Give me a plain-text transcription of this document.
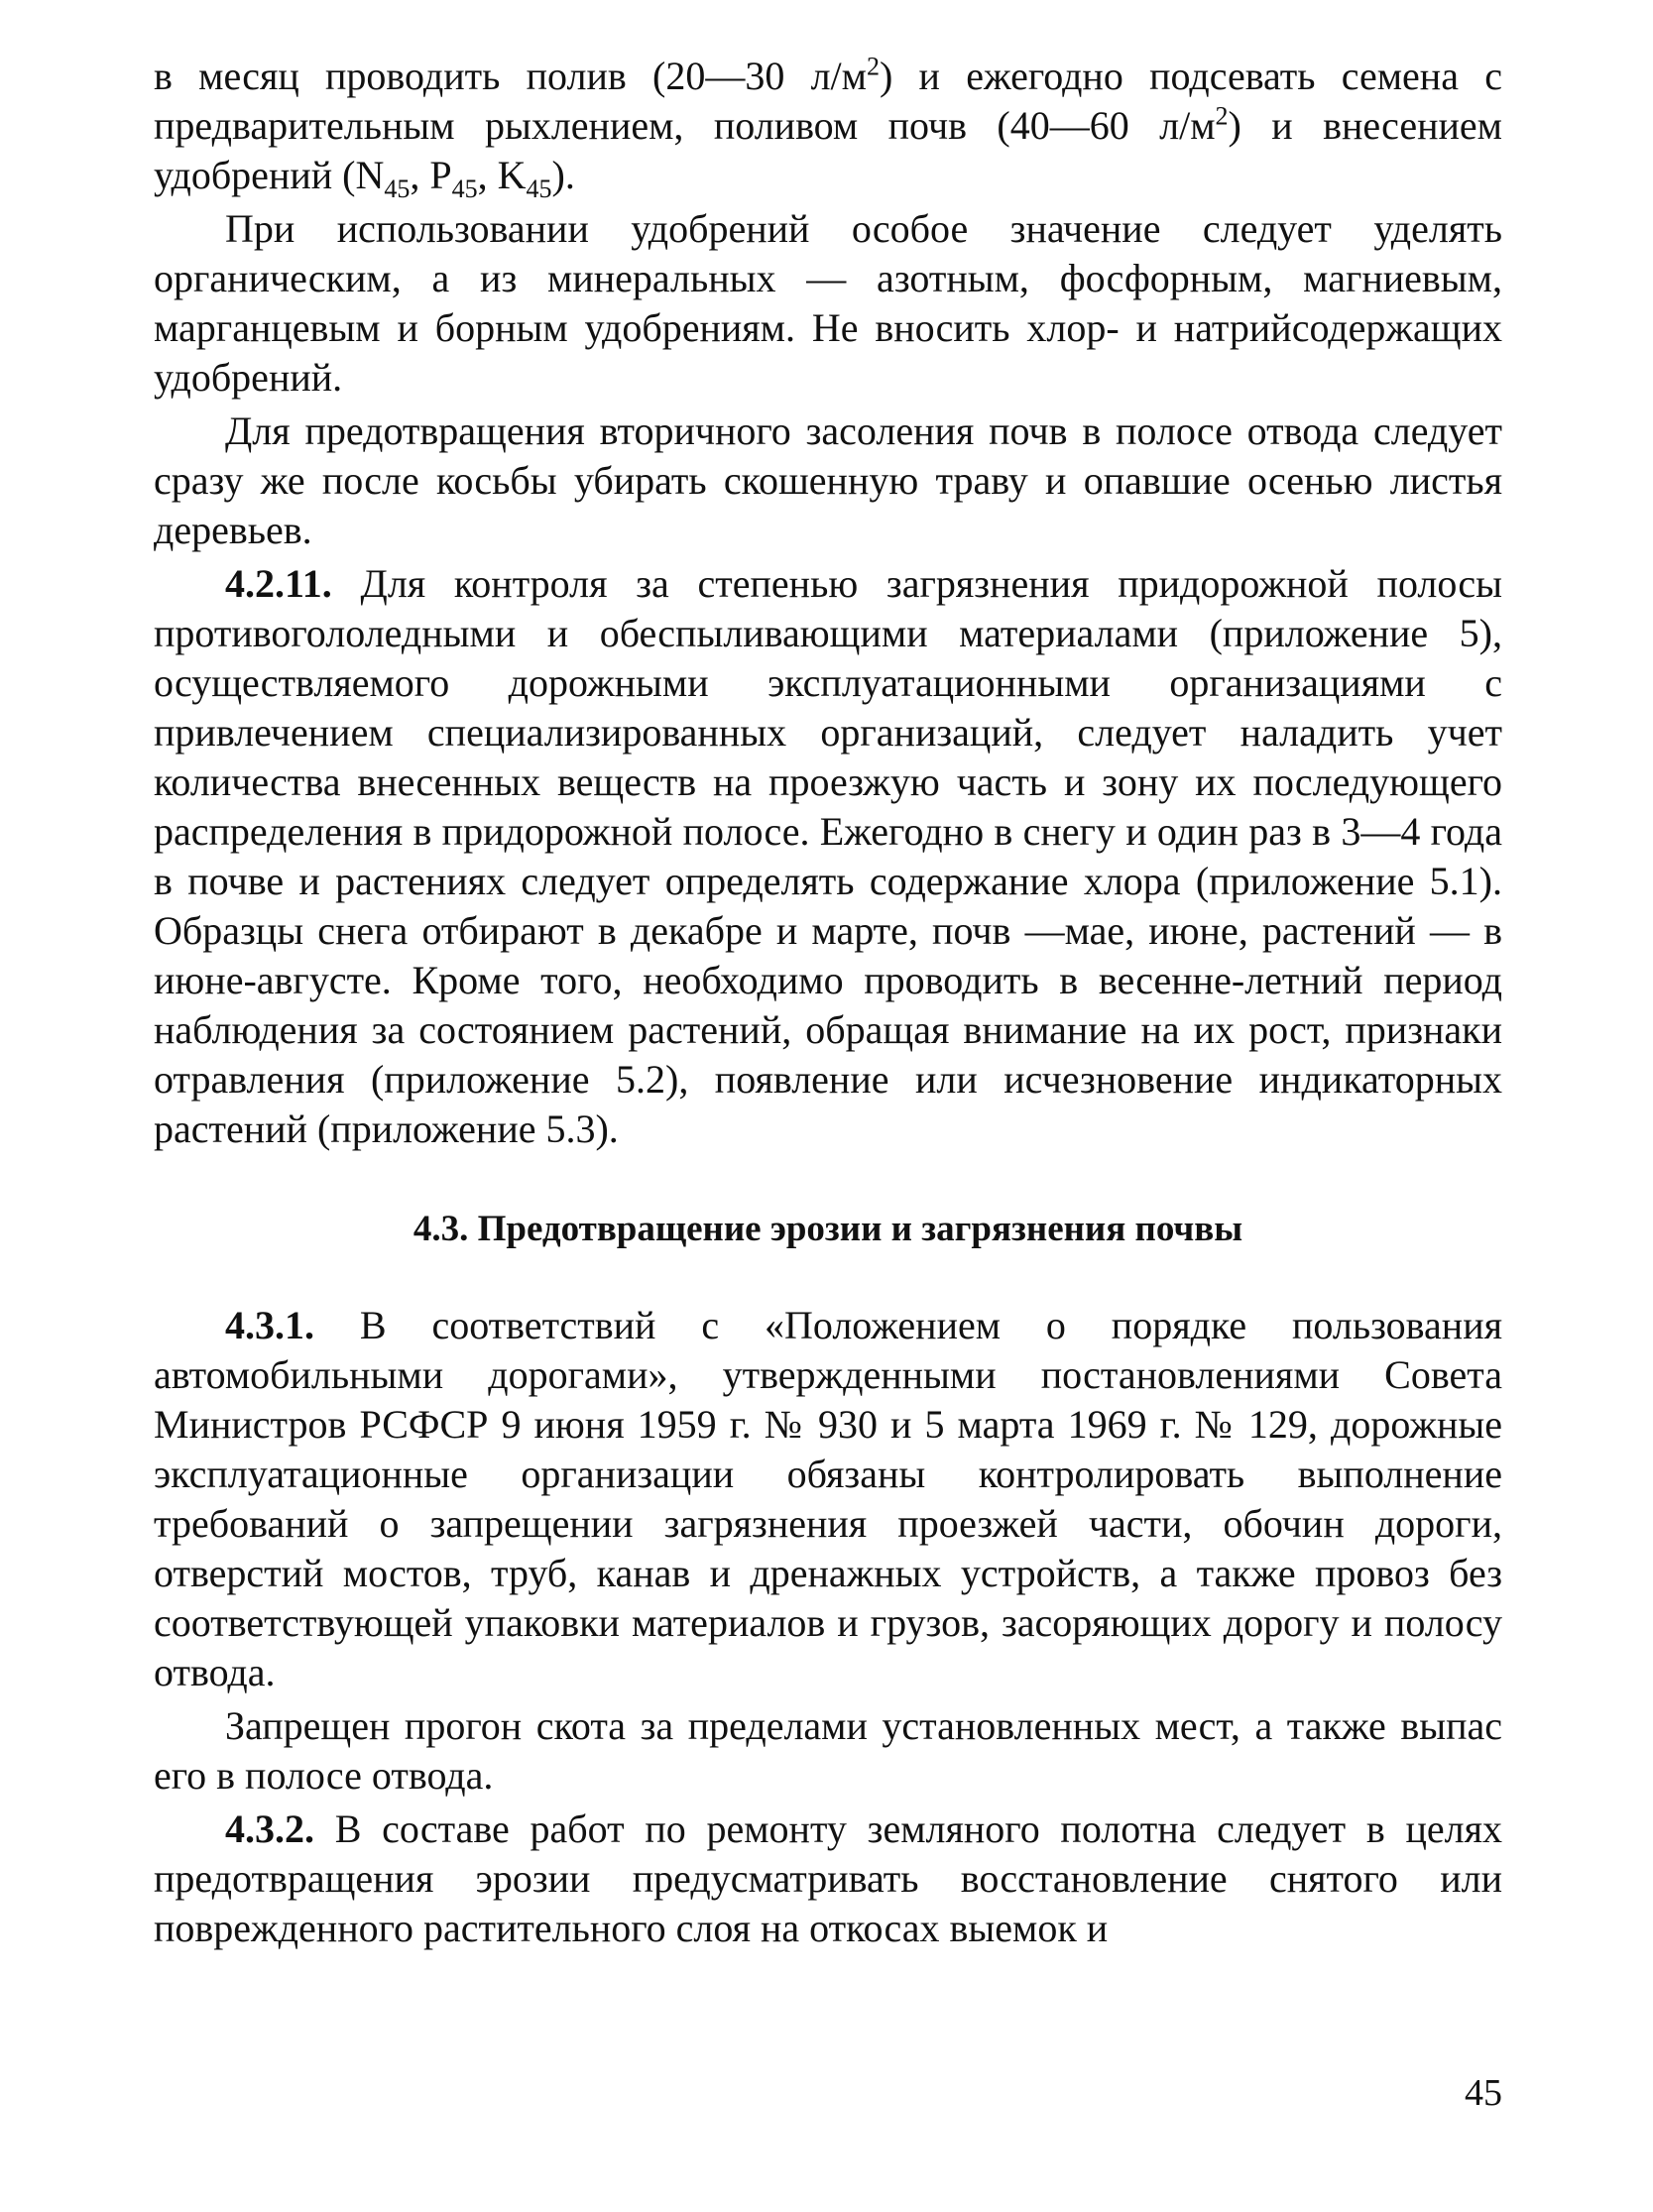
в месяц проводить полив (20—30 $л/м^2$) и ежегодно подсевать семена с предварительным рыхлением, поливом почв (40—60 $л/м^2$) и внесением удобрений ($N_{45}$, $P_{45}$, $K_{45}$).

При использовании удобрений особое значение следует уделять органическим, а из минеральных — азотным, фосфорным, магниевым, марганцевым и борным удобрениям. Не вносить хлор- и натрийсодержащих удобрений.

Для предотвращения вторичного засоления почв в полосе отвода следует сразу же после косьбы убирать скошенную траву и опавшие осенью листья деревьев.

4.2.11. Для контроля за степенью загрязнения придорожной полосы противогололедными и обеспыливающими материалами (приложение 5), осуществляемого дорожными эксплуатационными организациями с привлечением специализированных организаций, следует наладить учет количества внесенных веществ на проезжую часть и зону их последующего распределения в придорожной полосе. Ежегодно в снегу и один раз в 3—4 года в почве и растениях следует определять содержание хлора (приложение 5.1). Образцы снега отбирают в декабре и марте, почв —мае, июне, растений — в июне-августе. Кроме того, необходимо проводить в весенне-летний период наблюдения за состоянием растений, обращая внимание на их рост, признаки отравления (приложение 5.2), появление или исчезновение индикаторных растений (приложение 5.3).

4.3. Предотвращение эрозии и загрязнения почвы

4.3.1. В соответствий с «Положением о порядке пользования автомобильными дорогами», утвержденными постановлениями Совета Министров РСФСР 9 июня 1959 г. № 930 и 5 марта 1969 г. № 129, дорожные эксплуатационные организации обязаны контролировать выполнение требований о запрещении загрязнения проезжей части, обочин дороги, отверстий мостов, труб, канав и дренажных устройств, а также провоз без соответствующей упаковки материалов и грузов, засоряющих дорогу и полосу отвода.

Запрещен прогон скота за пределами установленных мест, а также выпас его в полосе отвода.

4.3.2. В составе работ по ремонту земляного полотна следует в целях предотвращения эрозии предусматривать восстановление снятого или поврежденного растительного слоя на откосах выемок и

45
